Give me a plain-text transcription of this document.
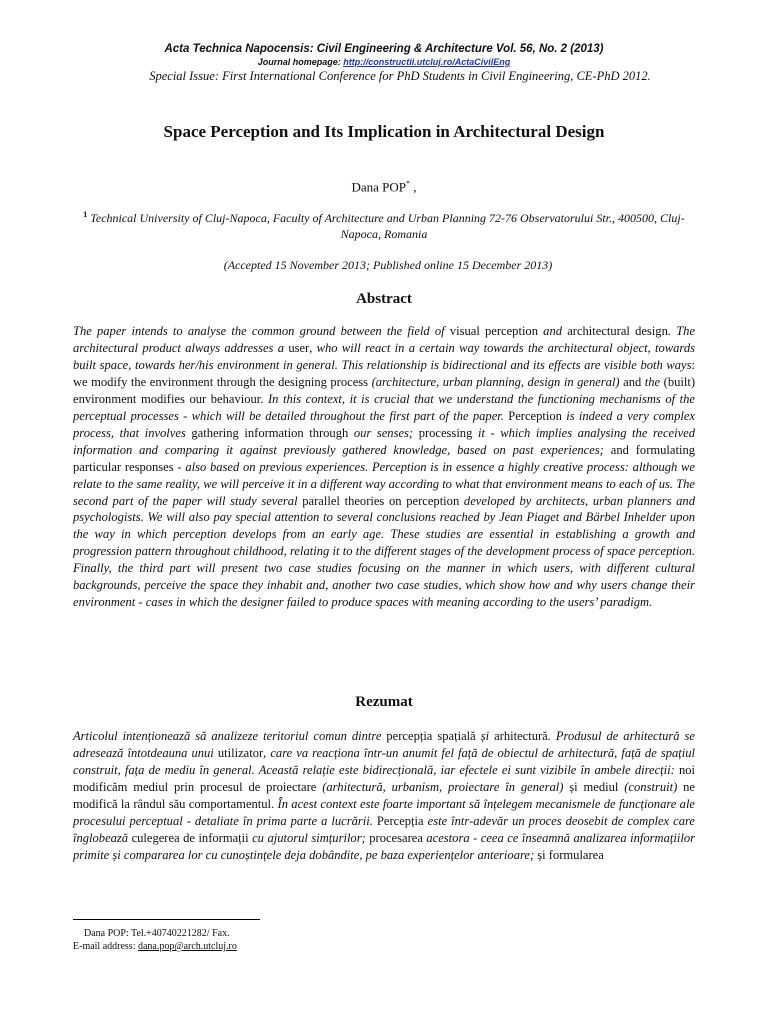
Acta Technica Napocensis: Civil Engineering & Architecture Vol. 56, No. 2 (2013)
Journal homepage: http://constructii.utcluj.ro/ActaCivilEng
Special Issue: First International Conference for PhD Students in Civil Engineering, CE-PhD 2012.
Space Perception and Its Implication in Architectural Design
Dana POP* ,
$^1$ Technical University of Cluj-Napoca, Faculty of Architecture and Urban Planning 72-76 Observatorului Str., 400500, Cluj-Napoca, Romania
(Accepted 15 November 2013; Published online 15 December 2013)
Abstract

The paper intends to analyse the common ground between the field of visual perception and architectural design. The architectural product always addresses a user, who will react in a certain way towards the architectural object, towards built space, towards her/his environment in general. This relationship is bidirectional and its effects are visible both ways: we modify the environment through the designing process (architecture, urban planning, design in general) and the (built) environment modifies our behaviour. In this context, it is crucial that we understand the functioning mechanisms of the perceptual processes - which will be detailed throughout the first part of the paper. Perception is indeed a very complex process, that involves gathering information through our senses; processing it - which implies analysing the received information and comparing it against previously gathered knowledge, based on past experiences; and formulating particular responses - also based on previous experiences. Perception is in essence a highly creative process: although we relate to the same reality, we will perceive it in a different way according to what that environment means to each of us. The second part of the paper will study several parallel theories on perception developed by architects, urban planners and psychologists. We will also pay special attention to several conclusions reached by Jean Piaget and Bärbel Inhelder upon the way in which perception develops from an early age. These studies are essential in establishing a growth and progression pattern throughout childhood, relating it to the different stages of the development process of space perception. Finally, the third part will present two case studies focusing on the manner in which users, with different cultural backgrounds, perceive the space they inhabit and, another two case studies, which show how and why users change their environment - cases in which the designer failed to produce spaces with meaning according to the users’ paradigm.

Rezumat

Articolul intenționează să analizeze teritoriul comun dintre percepția spațială și arhitectură. Produsul de arhitectură se adresează întotdeauna unui utilizator, care va reacționa într-un anumit fel față de obiectul de arhitectură, față de spațiul construit, fața de mediu în general. Această relație este bidirecțională, iar efectele ei sunt vizibile în ambele direcții: noi modificăm mediul prin procesul de proiectare (arhitectură, urbanism, proiectare în general) și mediul (construit) ne modifică la rândul său comportamentul. În acest context este foarte important să înțelegem mecanismele de funcționare ale procesului perceptual - detaliate în prima parte a lucrării. Percepția este într-adevăr un proces deosebit de complex care înglobează culegerea de informații cu ajutorul simțurilor; procesarea acestora - ceea ce înseamnă analizarea informațiilor primite și compararea lor cu cunoștințele deja dobândite, pe baza experiențelor anterioare; și formularea

Dana POP: Tel.+40740221282/ Fax.
E-mail address: dana.pop@arch.utcluj.ro
